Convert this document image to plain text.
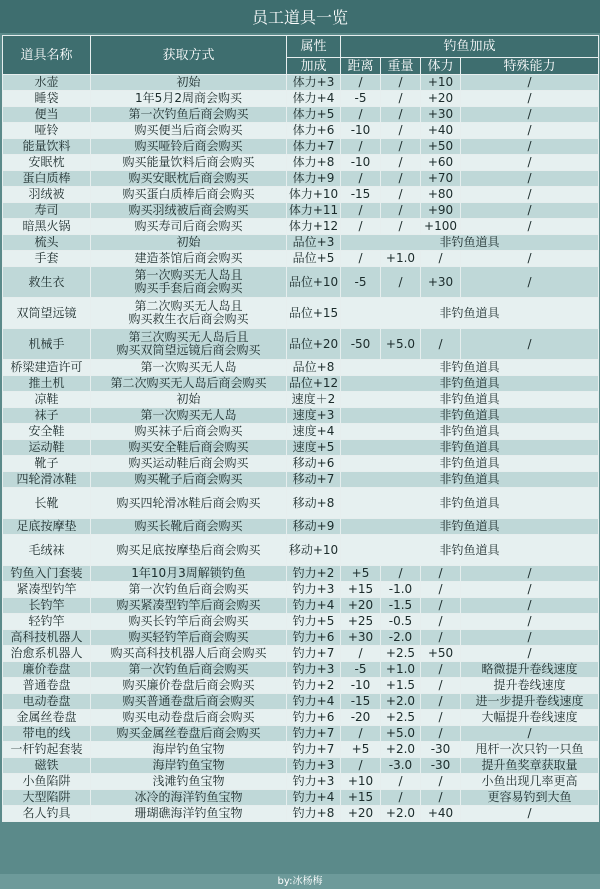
员工道具一览
道具名称	获取方式	属性	钓鱼加成			
		加成	距离	重量	体力	特殊能力
水壶	初始	体力+3	/	/	+10	/
睡袋	1年5月2周商会购买	体力+4	-5	/	+20	/
便当	第一次钓鱼后商会购买	体力+5	/	/	+30	/
哑铃	购买便当后商会购买	体力+6	-10	/	+40	/
能量饮料	购买哑铃后商会购买	体力+7	/	/	+50	/
安眠枕	购买能量饮料后商会购买	体力+8	-10	/	+60	/
蛋白质棒	购买安眠枕后商会购买	体力+9	/	/	+70	/
羽绒被	购买蛋白质棒后商会购买	体力+10	-15	/	+80	/
寿司	购买羽绒被后商会购买	体力+11	/	/	+90	/
暗黑火锅	购买寿司后商会购买	体力+12	/	/	+100	/
梳头	初始	品位+3	非钓鱼道具			
手套	建造茶馆后商会购买	品位+5	/	+1.0	/	/
救生衣	第一次购买无人岛且
购买手套后商会购买	品位+10	-5	/	+30	/
双筒望远镜	第二次购买无人岛且
购买救生衣后商会购买	品位+15	非钓鱼道具			
机械手	第三次购买无人岛后且
购买双筒望远镜后商会购买	品位+20	-50	+5.0	/	/
桥梁建造许可	第一次购买无人岛	品位+8	非钓鱼道具			
推土机	第二次购买无人岛后商会购买	品位+12	非钓鱼道具			
凉鞋	初始	速度＋2	非钓鱼道具			
袜子	第一次购买无人岛	速度+3	非钓鱼道具			
安全鞋	购买袜子后商会购买	速度+4	非钓鱼道具			
运动鞋	购买安全鞋后商会购买	速度+5	非钓鱼道具			
靴子	购买运动鞋后商会购买	移动+6	非钓鱼道具			
四轮滑冰鞋	购买靴子后商会购买	移动+7	非钓鱼道具			
长靴	购买四轮滑冰鞋后商会购买	移动+8	非钓鱼道具			
足底按摩垫	购买长靴后商会购买	移动+9	非钓鱼道具			
毛绒袜	购买足底按摩垫后商会购买	移动+10	非钓鱼道具			
钓鱼入门套装	1年10月3周解锁钓鱼	钓力+2	+5	/	/	/
紧凑型钓竿	第一次钓鱼后商会购买	钓力+3	+15	-1.0	/	/
长钓竿	购买紧凑型钓竿后商会购买	钓力+4	+20	-1.5	/	/
轻钓竿	购买长钓竿后商会购买	钓力+5	+25	-0.5	/	/
高科技机器人	购买轻钓竿后商会购买	钓力+6	+30	-2.0	/	/
治愈系机器人	购买高科技机器人后商会购买	钓力+7	/	+2.5	+50	/
廉价卷盘	第一次钓鱼后商会购买	钓力+3	-5	+1.0	/	略微提升卷线速度
普通卷盘	购买廉价卷盘后商会购买	钓力+2	-10	+1.5	/	提升卷线速度
电动卷盘	购买普通卷盘后商会购买	钓力+4	-15	+2.0	/	进一步提升卷线速度
金属丝卷盘	购买电动卷盘后商会购买	钓力+6	-20	+2.5	/	大幅提升卷线速度
带电的线	购买金属丝卷盘后商会购买	钓力+7	/	+5.0	/	/
一杆钓起套装	海岸钓鱼宝物	钓力+7	+5	+2.0	-30	甩杆一次只钓一只鱼
磁铁	海岸钓鱼宝物	钓力+3	/	-3.0	-30	提升鱼奖章获取量
小鱼陷阱	浅滩钓鱼宝物	钓力+3	+10	/	/	小鱼出现几率更高
大型陷阱	冰冷的海洋钓鱼宝物	钓力+4	+15	/	/	更容易钓到大鱼
名人钓具	珊瑚礁海洋钓鱼宝物	钓力+8	+20	+2.0	+40	/
by:冰杨梅
